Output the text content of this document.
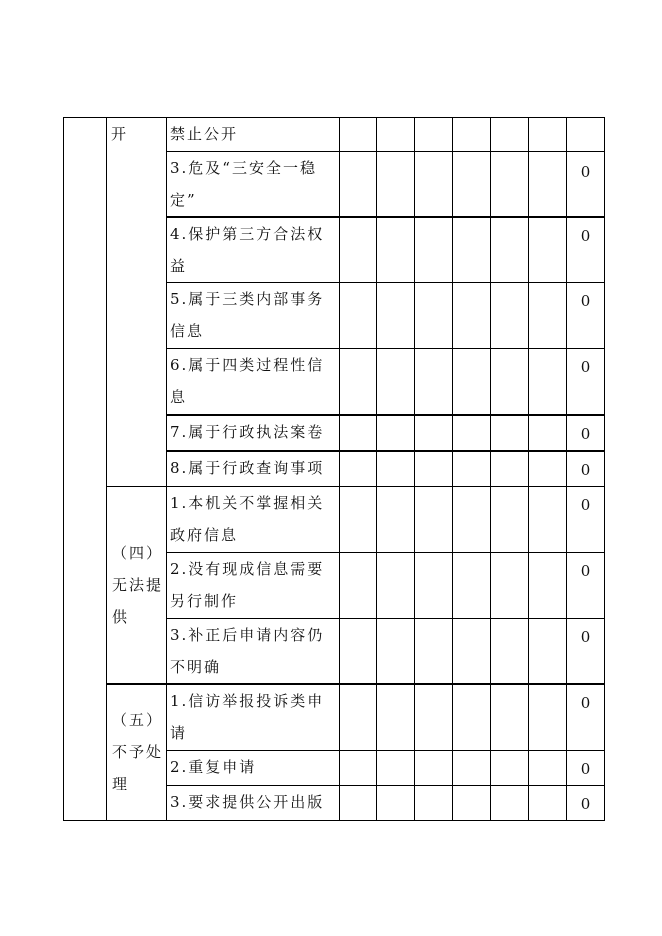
	开	禁止公开							
		3.危及“三安全一稳定”							0
		4.保护第三方合法权益							0
		5.属于三类内部事务信息							0
		6.属于四类过程性信息							0
		7.属于行政执法案卷							0
		8.属于行政查询事项							0
	（四）无法提供	1.本机关不掌握相关政府信息							0
		2.没有现成信息需要另行制作							0
		3.补正后申请内容仍不明确							0
	（五）不予处理	1.信访举报投诉类申请							0
		2.重复申请							0
		3.要求提供公开出版							0
